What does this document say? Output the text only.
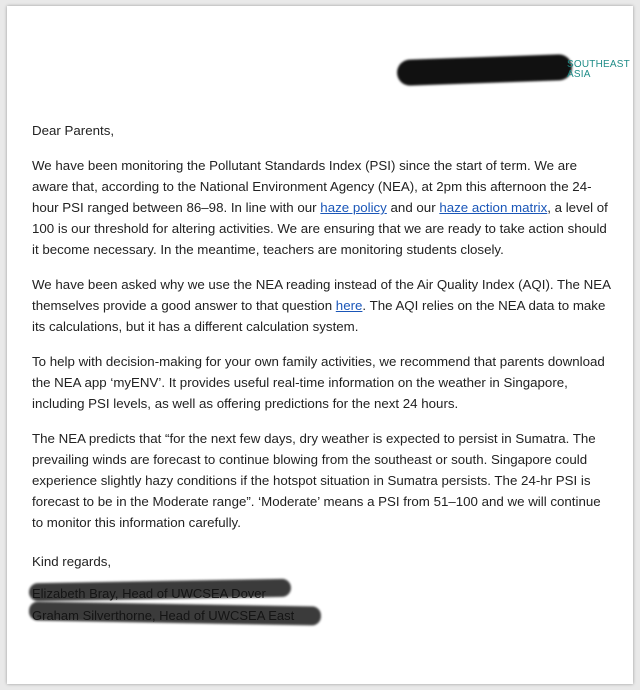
SOUTHEAST
ASIA

Dear Parents,

We have been monitoring the Pollutant Standards Index (PSI) since the start of term. We are aware that, according to the National Environment Agency (NEA), at 2pm this afternoon the 24-hour PSI ranged between 86–98. In line with our haze policy and our haze action matrix, a level of 100 is our threshold for altering activities. We are ensuring that we are ready to take action should it become necessary. In the meantime, teachers are monitoring students closely.

We have been asked why we use the NEA reading instead of the Air Quality Index (AQI). The NEA themselves provide a good answer to that question here. The AQI relies on the NEA data to make its calculations, but it has a different calculation system.

To help with decision-making for your own family activities, we recommend that parents download the NEA app ‘myENV’. It provides useful real-time information on the weather in Singapore, including PSI levels, as well as offering predictions for the next 24 hours.

The NEA predicts that “for the next few days, dry weather is expected to persist in Sumatra. The prevailing winds are forecast to continue blowing from the southeast or south. Singapore could experience slightly hazy conditions if the hotspot situation in Sumatra persists. The 24-hr PSI is forecast to be in the Moderate range”. ‘Moderate’ means a PSI from 51–100 and we will continue to monitor this information carefully.

Kind regards,
